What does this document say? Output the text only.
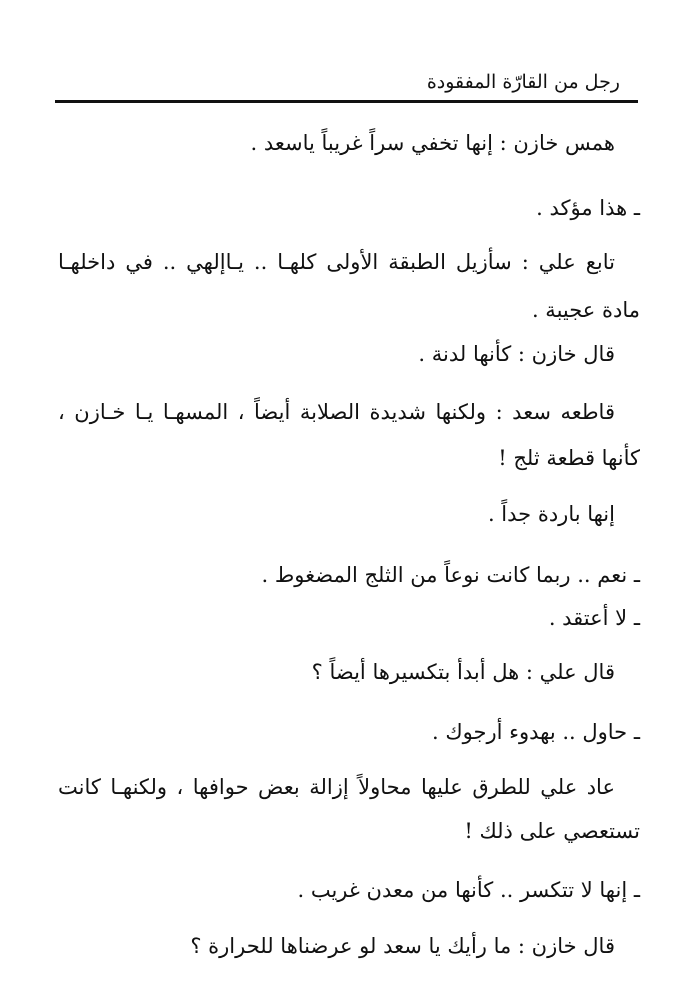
رجل من القارّة المفقودة
همس خازن : إنها تخفي سراً غريباً ياسعد .
ـ هذا مؤكد .
تابع علي : سأزيل الطبقة الأولى كلهـا .. يـاإلهي .. في داخلهـا
مادة عجيبة .
قال خازن : كأنها لدنة .
قاطعه سعد : ولكنها شديدة الصلابة أيضاً ، المسهـا يـا خـازن ،
كأنها قطعة ثلج !
إنها باردة جداً .
ـ نعم .. ربما كانت نوعاً من الثلج المضغوط .
ـ لا أعتقد .
قال علي : هل أبدأ بتكسيرها أيضاً ؟
ـ حاول .. بهدوء أرجوك .
عاد علي للطرق عليها محاولاً إزالة بعض حوافها ، ولكنهـا كانت
تستعصي على ذلك !
ـ إنها لا تتكسر .. كأنها من معدن غريب .
قال خازن : ما رأيك يا سعد لو عرضناها للحرارة ؟
